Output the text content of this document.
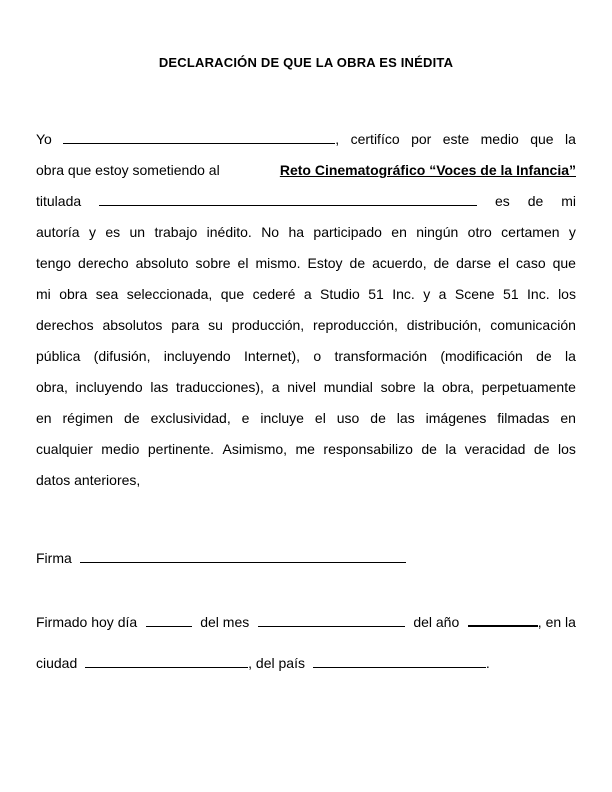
DECLARACIÓN DE QUE LA OBRA ES INÉDITA
Yo	, certifíco por este medio que la
obra que estoy sometiendo al	Reto Cinematográfico “Voces de la Infancia”
titulada	es de mi
autoría y es un trabajo inédito. No ha participado en ningún otro certamen y
tengo derecho absoluto sobre el mismo. Estoy de acuerdo, de darse el caso que
mi obra sea seleccionada, que cederé a Studio 51 Inc. y a Scene 51 Inc. los
derechos absolutos para su producción, reproducción, distribución, comunicación
pública (difusión, incluyendo Internet), o transformación (modificación de la
obra, incluyendo las traducciones), a nivel mundial sobre la obra, perpetuamente
en régimen de exclusividad, e incluye el uso de las imágenes filmadas en
cualquier medio pertinente. Asimismo, me responsabilizo de la veracidad de los
datos anteriores,
Firma
Firmado hoy día	del mes	del año	, en la
ciudad	, del país	.
